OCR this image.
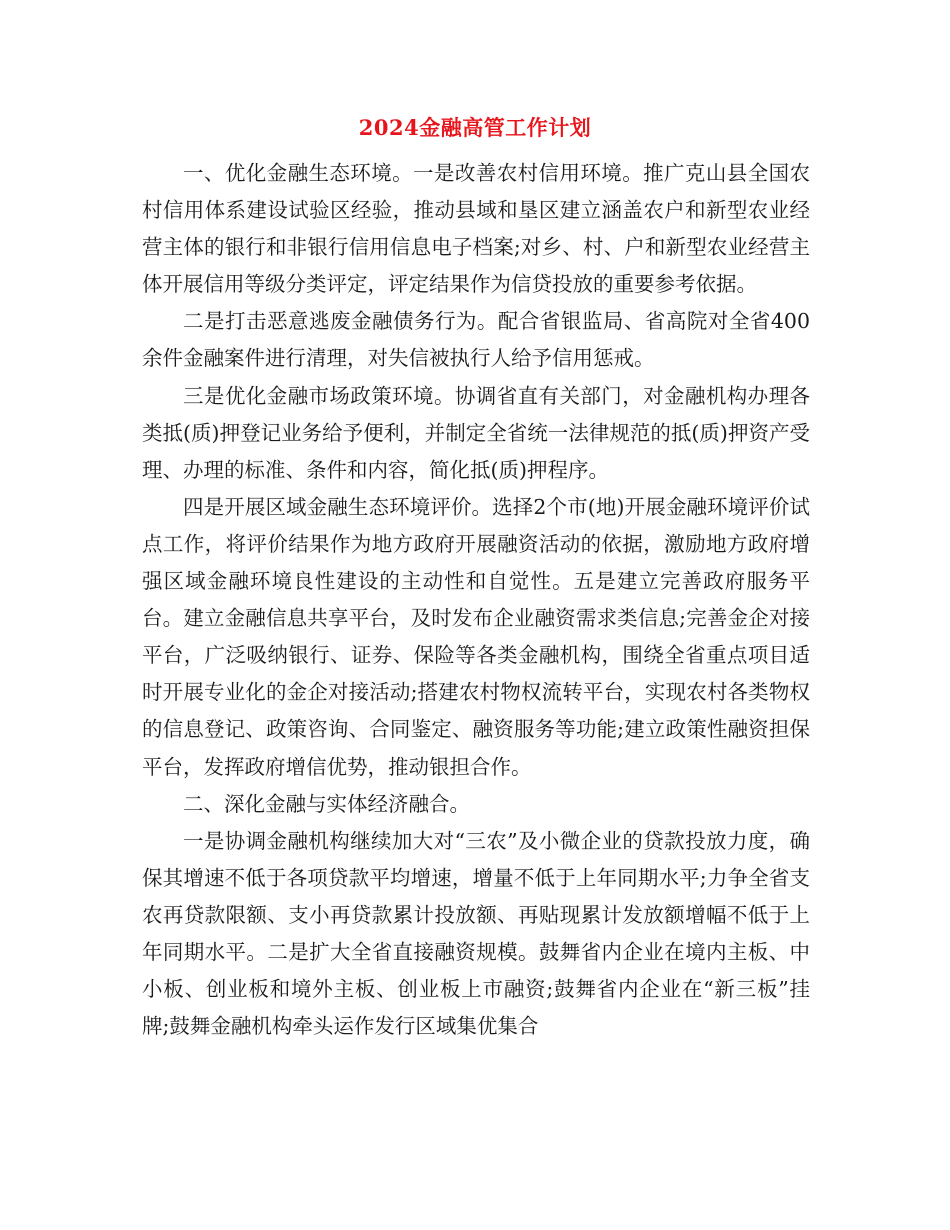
2024金融高管工作计划

一、优化金融生态环境。一是改善农村信用环境。推广克山县全国农村信用体系建设试验区经验，推动县域和垦区建立涵盖农户和新型农业经营主体的银行和非银行信用信息电子档案;对乡、村、户和新型农业经营主体开展信用等级分类评定，评定结果作为信贷投放的重要参考依据。

二是打击恶意逃废金融债务行为。配合省银监局、省高院对全省400余件金融案件进行清理，对失信被执行人给予信用惩戒。

三是优化金融市场政策环境。协调省直有关部门，对金融机构办理各类抵(质)押登记业务给予便利，并制定全省统一法律规范的抵(质)押资产受理、办理的标准、条件和内容，简化抵(质)押程序。

四是开展区域金融生态环境评价。选择2个市(地)开展金融环境评价试点工作，将评价结果作为地方政府开展融资活动的依据，激励地方政府增强区域金融环境良性建设的主动性和自觉性。五是建立完善政府服务平台。建立金融信息共享平台，及时发布企业融资需求类信息;完善金企对接平台，广泛吸纳银行、证券、保险等各类金融机构，围绕全省重点项目适时开展专业化的金企对接活动;搭建农村物权流转平台，实现农村各类物权的信息登记、政策咨询、合同鉴定、融资服务等功能;建立政策性融资担保平台，发挥政府增信优势，推动银担合作。

二、深化金融与实体经济融合。

一是协调金融机构继续加大对“三农”及小微企业的贷款投放力度，确保其增速不低于各项贷款平均增速，增量不低于上年同期水平;力争全省支农再贷款限额、支小再贷款累计投放额、再贴现累计发放额增幅不低于上年同期水平。二是扩大全省直接融资规模。鼓舞省内企业在境内主板、中小板、创业板和境外主板、创业板上市融资;鼓舞省内企业在“新三板”挂牌;鼓舞金融机构牵头运作发行区域集优集合
